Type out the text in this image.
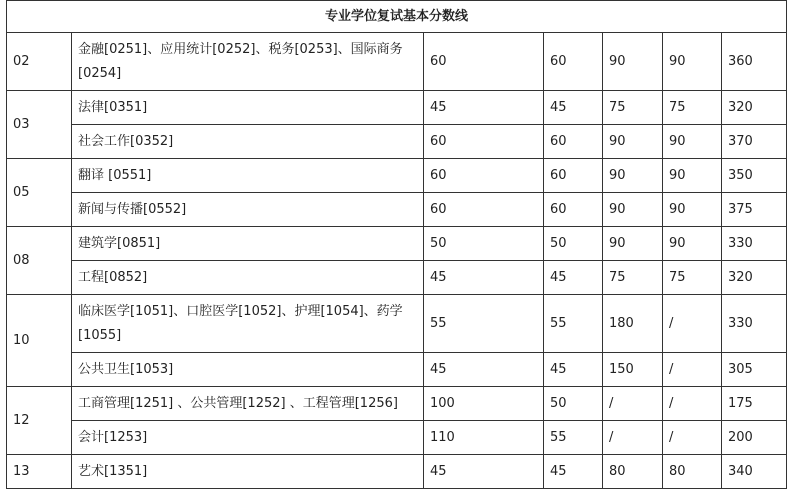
专业学位复试基本分数线						
02	金融[0251]、应用统计[0252]、税务[0253]、国际商务[0254]	60	60	90	90	360
03	法律[0351]	45	45	75	75	320
	社会工作[0352]	60	60	90	90	370
05	翻译 [0551]	60	60	90	90	350
	新闻与传播[0552]	60	60	90	90	375
08	建筑学[0851]	50	50	90	90	330
	工程[0852]	45	45	75	75	320
10	临床医学[1051]、口腔医学[1052]、护理[1054]、药学[1055]	55	55	180	/	330
	公共卫生[1053]	45	45	150	/	305
12	工商管理[1251] 、公共管理[1252] 、工程管理[1256]	100	50	/	/	175
	会计[1253]	110	55	/	/	200
13	艺术[1351]	45	45	80	80	340
